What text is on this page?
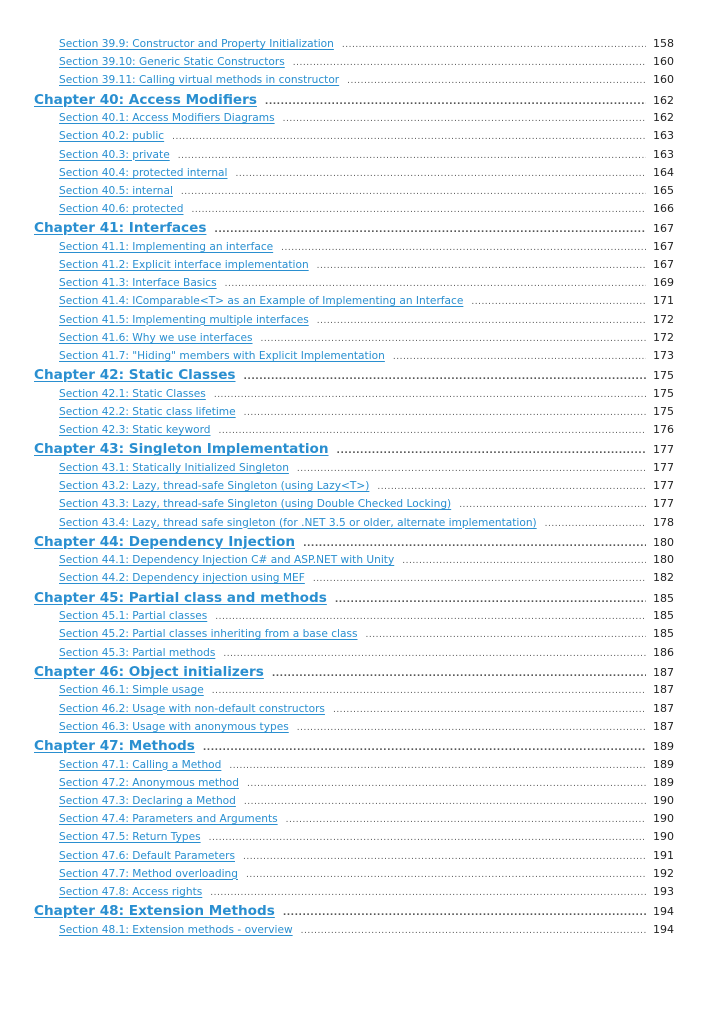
Section 39.9: Constructor and Property Initialization .....	158
Section 39.10: Generic Static Constructors .....	160
Section 39.11: Calling virtual methods in constructor .....	160
Chapter 40: Access Modifiers .....	162
Section 40.1: Access Modifiers Diagrams .....	162
Section 40.2: public .....	163
Section 40.3: private .....	163
Section 40.4: protected internal .....	164
Section 40.5: internal .....	165
Section 40.6: protected .....	166
Chapter 41: Interfaces .....	167
Section 41.1: Implementing an interface .....	167
Section 41.2: Explicit interface implementation .....	167
Section 41.3: Interface Basics .....	169
Section 41.4: IComparable<T> as an Example of Implementing an Interface .....	171
Section 41.5: Implementing multiple interfaces .....	172
Section 41.6: Why we use interfaces .....	172
Section 41.7: "Hiding" members with Explicit Implementation .....	173
Chapter 42: Static Classes .....	175
Section 42.1: Static Classes .....	175
Section 42.2: Static class lifetime .....	175
Section 42.3: Static keyword .....	176
Chapter 43: Singleton Implementation .....	177
Section 43.1: Statically Initialized Singleton .....	177
Section 43.2: Lazy, thread-safe Singleton (using Lazy<T>) .....	177
Section 43.3: Lazy, thread-safe Singleton (using Double Checked Locking) .....	177
Section 43.4: Lazy, thread safe singleton (for .NET 3.5 or older, alternate implementation) .....	178
Chapter 44: Dependency Injection .....	180
Section 44.1: Dependency Injection C# and ASP.NET with Unity .....	180
Section 44.2: Dependency injection using MEF .....	182
Chapter 45: Partial class and methods .....	185
Section 45.1: Partial classes .....	185
Section 45.2: Partial classes inheriting from a base class .....	185
Section 45.3: Partial methods .....	186
Chapter 46: Object initializers .....	187
Section 46.1: Simple usage .....	187
Section 46.2: Usage with non-default constructors .....	187
Section 46.3: Usage with anonymous types .....	187
Chapter 47: Methods .....	189
Section 47.1: Calling a Method .....	189
Section 47.2: Anonymous method .....	189
Section 47.3: Declaring a Method .....	190
Section 47.4: Parameters and Arguments .....	190
Section 47.5: Return Types .....	190
Section 47.6: Default Parameters .....	191
Section 47.7: Method overloading .....	192
Section 47.8: Access rights .....	193
Chapter 48: Extension Methods .....	194
Section 48.1: Extension methods - overview .....	194
